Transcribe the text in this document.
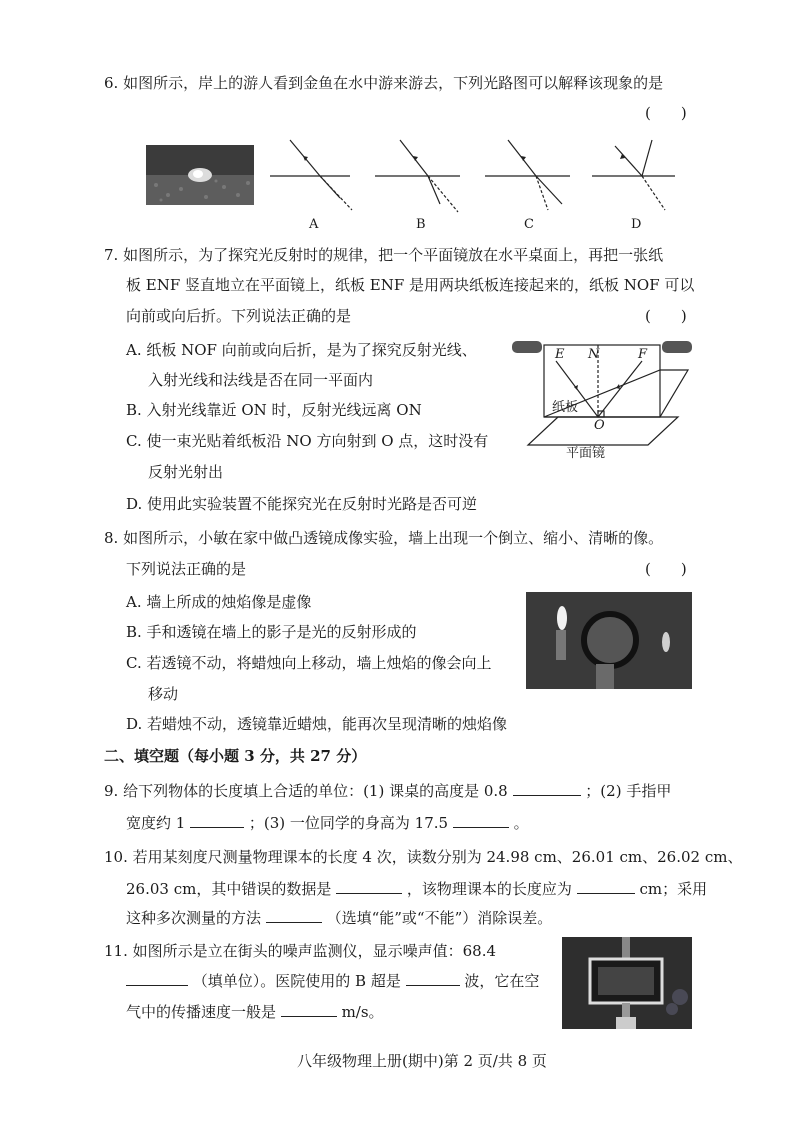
6. 如图所示，岸上的游人看到金鱼在水中游来游去，下列光路图可以解释该现象的是
(　　)
A	B	C	D
7. 如图所示，为了探究光反射时的规律，把一个平面镜放在水平桌面上，再把一张纸
板 ENF 竖直地立在平面镜上，纸板 ENF 是用两块纸板连接起来的，纸板 NOF 可以
向前或向后折。下列说法正确的是	(　　)
A. 纸板 NOF 向前或向后折，是为了探究反射光线、
入射光线和法线是否在同一平面内
B. 入射光线靠近 ON 时，反射光线远离 ON
C. 使一束光贴着纸板沿 NO 方向射到 O 点，这时没有
反射光射出
D. 使用此实验装置不能探究光在反射时光路是否可逆
E N	F
纸板
O
平面镜
8. 如图所示，小敏在家中做凸透镜成像实验，墙上出现一个倒立、缩小、清晰的像。
下列说法正确的是	(　　)
A. 墙上所成的烛焰像是虚像
B. 手和透镜在墙上的影子是光的反射形成的
C. 若透镜不动，将蜡烛向上移动，墙上烛焰的像会向上
移动
D. 若蜡烛不动，透镜靠近蜡烛，能再次呈现清晰的烛焰像
二、填空题（每小题 3 分，共 27 分）
9. 给下列物体的长度填上合适的单位：(1) 课桌的高度是 0.8	；(2) 手指甲
宽度约 1	；(3) 一位同学的身高为 17.5	。
10. 若用某刻度尺测量物理课本的长度 4 次，读数分别为 24.98 cm、26.01 cm、26.02 cm、
26.03 cm，其中错误的数据是	，该物理课本的长度应为	cm；采用
这种多次测量的方法	（选填“能”或“不能”）消除误差。
11. 如图所示是立在街头的噪声监测仪，显示噪声值：68.4
（填单位）。医院使用的 B 超是	波，它在空
气中的传播速度一般是	m/s。
八年级物理上册(期中)第 2 页/共 8 页
